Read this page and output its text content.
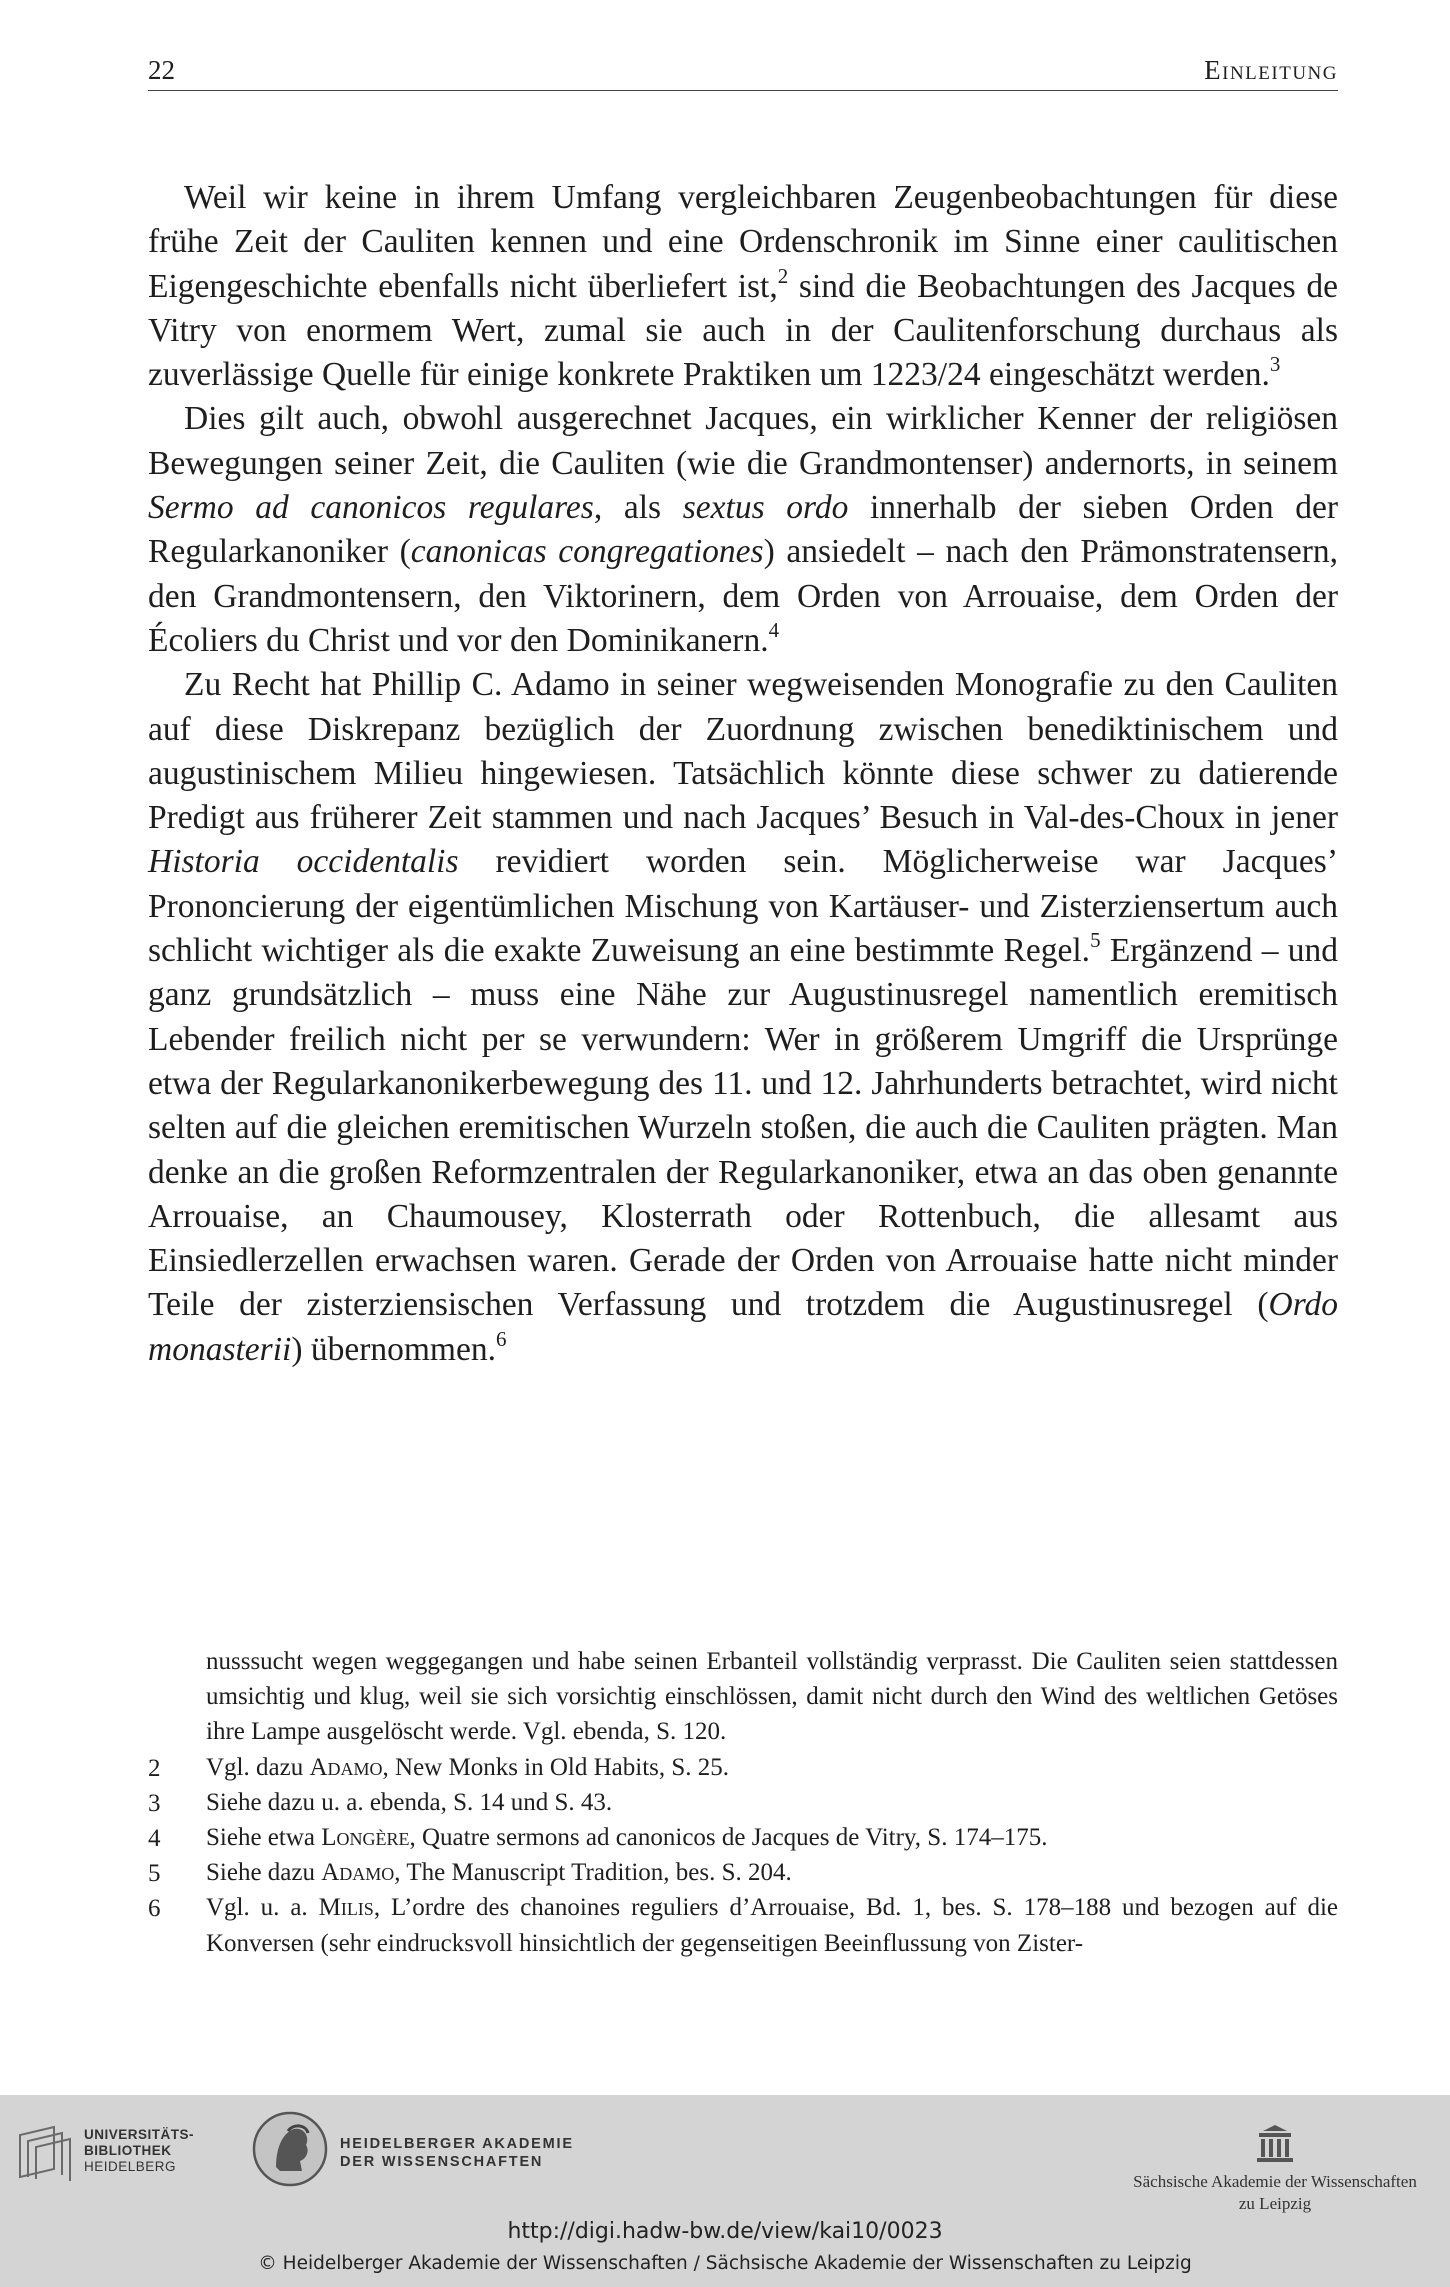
22	Einleitung

Weil wir keine in ihrem Umfang vergleichbaren Zeugenbeobachtungen für diese frühe Zeit der Cauliten kennen und eine Ordenschronik im Sinne einer caulitischen Eigengeschichte ebenfalls nicht überliefert ist,$^2$ sind die Beobachtungen des Jacques de Vitry von enormem Wert, zumal sie auch in der Caulitenforschung durchaus als zuverlässige Quelle für einige konkrete Praktiken um 1223/24 eingeschätzt werden.$^3$

Dies gilt auch, obwohl ausgerechnet Jacques, ein wirklicher Kenner der religiösen Bewegungen seiner Zeit, die Cauliten (wie die Grandmontenser) andernorts, in seinem Sermo ad canonicos regulares, als sextus ordo innerhalb der sieben Orden der Regularkanoniker (canonicas congregationes) ansiedelt – nach den Prämonstratensern, den Grandmontensern, den Viktorinern, dem Orden von Arrouaise, dem Orden der Écoliers du Christ und vor den Dominikanern.$^4$

Zu Recht hat Phillip C. Adamo in seiner wegweisenden Monografie zu den Cauliten auf diese Diskrepanz bezüglich der Zuordnung zwischen benediktinischem und augustinischem Milieu hingewiesen. Tatsächlich könnte diese schwer zu datierende Predigt aus früherer Zeit stammen und nach Jacques’ Besuch in Val-des-Choux in jener Historia occidentalis revidiert worden sein. Möglicherweise war Jacques’ Prononcierung der eigentümlichen Mischung von Kartäuser- und Zisterziensertum auch schlicht wichtiger als die exakte Zuweisung an eine bestimmte Regel.$^5$ Ergänzend – und ganz grundsätzlich – muss eine Nähe zur Augustinusregel namentlich eremitisch Lebender freilich nicht per se verwundern: Wer in größerem Umgriff die Ursprünge etwa der Regularkanonikerbewegung des 11. und 12. Jahrhunderts betrachtet, wird nicht selten auf die gleichen eremitischen Wurzeln stoßen, die auch die Cauliten prägten. Man denke an die großen Reformzentralen der Regularkanoniker, etwa an das oben genannte Arrouaise, an Chaumousey, Klosterrath oder Rottenbuch, die allesamt aus Einsiedlerzellen erwachsen waren. Gerade der Orden von Arrouaise hatte nicht minder Teile der zisterziensischen Verfassung und trotzdem die Augustinusregel (Ordo monasterii) übernommen.$^6$

nusssucht wegen weggegangen und habe seinen Erbanteil vollständig verprasst. Die Cauliten seien stattdessen umsichtig und klug, weil sie sich vorsichtig einschlössen, damit nicht durch den Wind des weltlichen Getöses ihre Lampe ausgelöscht werde. Vgl. ebenda, S. 120.
2 Vgl. dazu Adamo, New Monks in Old Habits, S. 25.
3 Siehe dazu u. a. ebenda, S. 14 und S. 43.
4 Siehe etwa Longère, Quatre sermons ad canonicos de Jacques de Vitry, S. 174–175.
5 Siehe dazu Adamo, The Manuscript Tradition, bes. S. 204.
6 Vgl. u. a. Milis, L’ordre des chanoines reguliers d’Arrouaise, Bd. 1, bes. S. 178–188 und bezogen auf die Konversen (sehr eindrucksvoll hinsichtlich der gegenseitigen Beeinflussung von Zister-
UNIVERSITÄTS-
BIBLIOTHEK
HEIDELBERG
HEIDELBERGER AKADEMIE
DER WISSENSCHAFTEN
Sächsische Akademie der Wissenschaften
zu Leipzig
http://digi.hadw-bw.de/view/kai10/0023
© Heidelberger Akademie der Wissenschaften / Sächsische Akademie der Wissenschaften zu Leipzig
